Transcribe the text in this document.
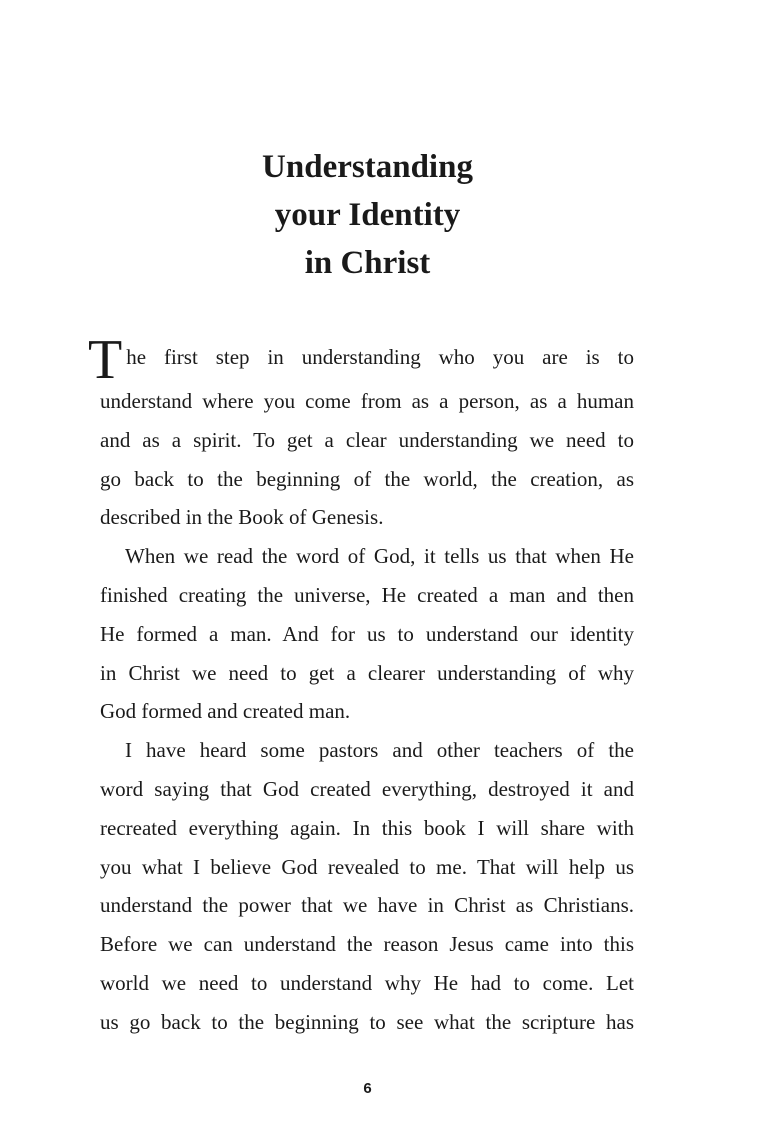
Understanding
your Identity
in Christ
T he first step in understanding who you are is to
understand where you come from as a person, as a human
and as a spirit. To get a clear understanding we need to
go back to the beginning of the world, the creation, as
described in the Book of Genesis.
When we read the word of God, it tells us that when He
finished creating the universe, He created a man and then
He formed a man. And for us to understand our identity
in Christ we need to get a clearer understanding of why
God formed and created man.
I have heard some pastors and other teachers of the
word saying that God created everything, destroyed it and
recreated everything again. In this book I will share with
you what I believe God revealed to me. That will help us
understand the power that we have in Christ as Christians.
Before we can understand the reason Jesus came into this
world we need to understand why He had to come. Let
us go back to the beginning to see what the scripture has
6
